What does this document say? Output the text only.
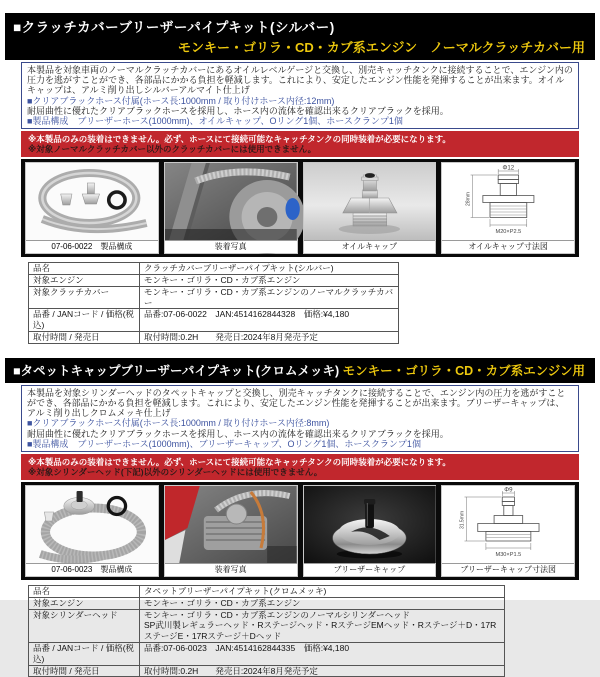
■クラッチカバーブリーザーパイプキット(シルバー)
モンキー・ゴリラ・CD・カブ系エンジン　ノーマルクラッチカバー用
本製品を対象車両のノーマルクラッチカバーにあるオイルレベルゲージと交換し、別売キャッチタンクに接続することで、エンジン内の圧力を逃がすことができ、各部品にかかる負担を軽減します。これにより、安定したエンジン性能を発揮することが出来ます。オイルキャップは、アルミ削り出しシルバーアルマイト仕上げ
■クリアブラックホース付属(ホース長:1000mm / 取り付けホース内径:12mm)
耐屈曲性に優れたクリアブラックホースを採用し、ホース内の流体を確認出来るクリアブラックを採用。
■製品構成　ブリーザーホース(1000mm)、オイルキャップ、Oリング1個、ホースクランプ1個
※本製品のみの装着はできません。必ず、ホースにて接続可能なキャッチタンクの同時装着が必要になります。
※対象ノーマルクラッチカバー以外のクラッチカバーには使用できません。
07-06-0022　製品構成	装着写真	オイルキャップ
Φ12
28mm
M20×P2.5
オイルキャップ寸法図
品名	クラッチカバーブリーザーパイプキット(シルバー)
対象エンジン	モンキー・ゴリラ・CD・カブ系エンジン
対象クラッチカバー	モンキー・ゴリラ・CD・カブ系エンジンのノーマルクラッチカバー
品番 / JANコード / 価格(税込)	品番:07-06-0022　JAN:4514162844328　価格:¥4,180
取付時間 / 発売日	取付時間:0.2H　　発売日:2024年8月発売予定
■タペットキャップブリーザーパイプキット(クロムメッキ) モンキー・ゴリラ・CD・カブ系エンジン用
本製品を対象シリンダーヘッドのタペットキャップと交換し、別売キャッチタンクに接続することで、エンジン内の圧力を逃がすことができ、各部品にかかる負担を軽減します。これにより、安定したエンジン性能を発揮することが出来ます。ブリーザーキャップは、アルミ削り出しクロムメッキ仕上げ
■クリアブラックホース付属(ホース長:1000mm / 取り付けホース内径:8mm)
耐屈曲性に優れたクリアブラックホースを採用し、ホース内の流体を確認出来るクリアブラックを採用。
■製品構成　ブリーザーホース(1000mm)、ブリーザーキャップ、Oリング1個、ホースクランプ1個
※本製品のみの装着はできません。必ず、ホースにて接続可能なキャッチタンクの同時装着が必要になります。
※対象シリンダーヘッド(下記)以外のシリンダーヘッドには使用できません。
07-06-0023　製品構成	装着写真	ブリーザーキャップ
Φ9
31.5mm
M30×P1.5
ブリーザーキャップ寸法図
品名	タペットブリーザーパイプキット(クロムメッキ)
対象エンジン	モンキー・ゴリラ・CD・カブ系エンジン
対象シリンダーヘッド	モンキー・ゴリラ・CD・カブ系エンジンのノーマルシリンダーヘッド
SP武川製レギュラーヘッド・Rステージヘッド・RステージEMヘッド・Rステージ＋D・17RステージE・17Rステージ＋Dヘッド

品番 / JANコード / 価格(税込)	品番:07-06-0023　JAN:4514162844335　価格:¥4,180
取付時間 / 発売日	取付時間:0.2H　　発売日:2024年8月発売予定
